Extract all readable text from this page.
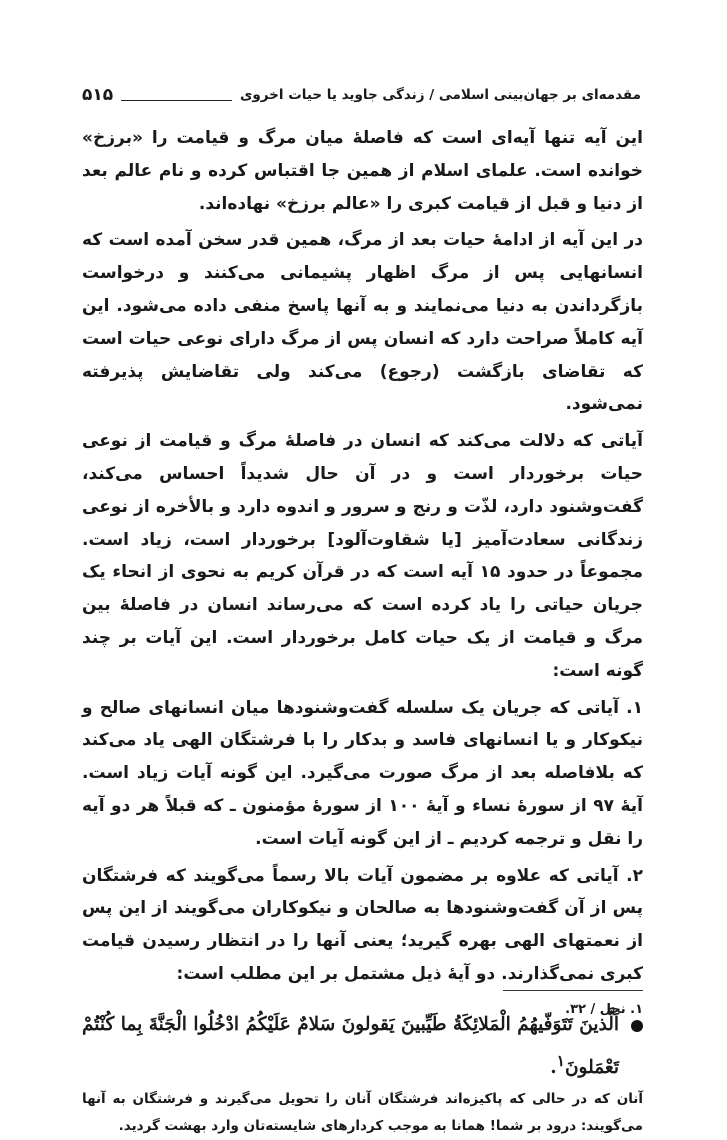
مقدمه‌ای بر جهان‌بینی اسلامی / زندگی جاوید یا حیات اخروی
۵۱۵

این آیه تنها آیه‌ای است که فاصلهٔ میان مرگ و قیامت را «برزخ» خوانده است. علمای اسلام از همین جا اقتباس کرده و نام عالم بعد از دنیا و قبل از قیامت کبری را «عالم برزخ» نهاده‌اند.

در این آیه از ادامهٔ حیات بعد از مرگ، همین قدر سخن آمده است که انسانهایی پس از مرگ اظهار پشیمانی می‌کنند و درخواست بازگرداندن به دنیا می‌نمایند و به آنها پاسخ منفی داده می‌شود. این آیه کاملاً صراحت دارد که انسان پس از مرگ دارای نوعی حیات است که تقاضای بازگشت (رجوع) می‌کند ولی تقاضایش پذیرفته نمی‌شود.

آیاتی که دلالت می‌کند که انسان در فاصلهٔ مرگ و قیامت از نوعی حیات برخوردار است و در آن حال شدیداً احساس می‌کند، گفت‌وشنود دارد، لذّت و رنج و سرور و اندوه دارد و بالأخره از نوعی زندگانی سعادت‌آمیز [یا شقاوت‌آلود] برخوردار است، زیاد است. مجموعاً در حدود ۱۵ آیه است که در قرآن کریم به نحوی از انحاء یک جریان حیاتی را یاد کرده است که می‌رساند انسان در فاصلهٔ بین مرگ و قیامت از یک حیات کامل برخوردار است. این آیات بر چند گونه است:

۱. آیاتی که جریان یک سلسله گفت‌وشنودها میان انسانهای صالح و نیکوکار و یا انسانهای فاسد و بدکار را با فرشتگان الهی یاد می‌کند که بلافاصله بعد از مرگ صورت می‌گیرد. این گونه آیات زیاد است. آیهٔ ۹۷ از سورهٔ نساء و آیهٔ ۱۰۰ از سورهٔ مؤمنون ـ که قبلاً هر دو آیه را نقل و ترجمه کردیم ـ از این گونه آیات است.

۲. آیاتی که علاوه بر مضمون آیات بالا رسماً می‌گویند که فرشتگان پس از آن گفت‌وشنودها به صالحان و نیکوکاران می‌گویند از این پس از نعمتهای الهی بهره گیرید؛ یعنی آنها را در انتظار رسیدن قیامت کبری نمی‌گذارند. دو آیهٔ ذیل مشتمل بر این مطلب است:

اَلَّذينَ تَتَوَفّيهُمُ الْمَلائِكَةُ طَيِّبينَ يَقولونَ سَلامٌ عَلَيْكُمُ ادْخُلُوا الْجَنَّةَ بِما كُنْتُمْ تَعْمَلونَ$^۱$.

آنان که در حالی که پاکیزه‌اند فرشتگان آنان را تحویل می‌گیرند و فرشتگان به آنها می‌گویند: درود بر شما! همانا به موجب کردارهای شایسته‌تان وارد بهشت گردید.

۱. نحل / ۳۲.
